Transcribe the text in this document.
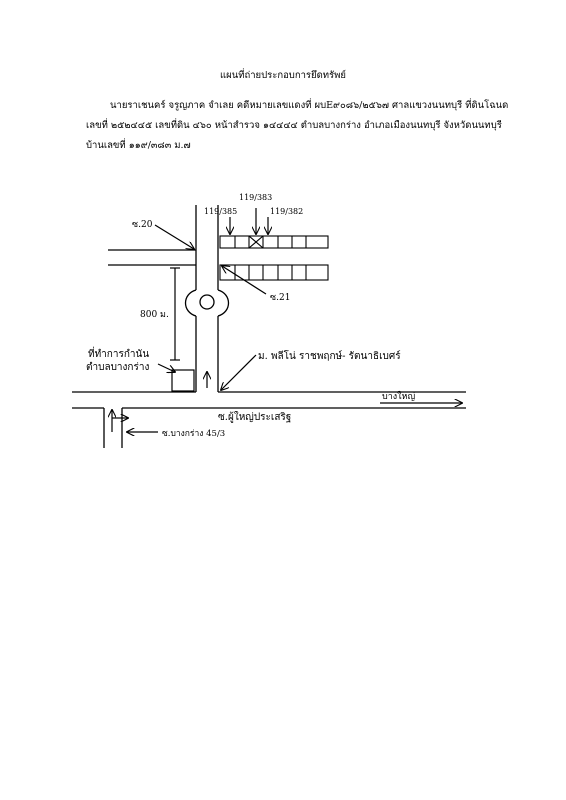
แผนที่ถ่ายประกอบการยึดทรัพย์
นายราเชนคร์ จรูญภาค จำเลย คดีหมายเลขแดงที่ ผบE๙๐๘๖/๒๕๖๗ ศาลแขวงนนทบุรี ที่ดินโฉนด
เลขที่ ๒๕๒๔๔๕ เลขที่ดิน ๔๖๐ หน้าสำรวจ ๑๔๔๔๔ ตำบลบางกร่าง อำเภอเมืองนนทบุรี จังหวัดนนทบุรี
บ้านเลขที่ ๑๑๙/๓๘๓ ม.๗
ซ.20
119/383
119/385	119/382
ซ.21
800 ม.
ที่ทำการกำนัน
ตำบลบางกร่าง
ม. พลีโน่ ราชพฤกษ์- รัตนาธิเบศร์
ซ.ผู้ใหญ่ประเสริฐ
บางใหญ่
ซ.บางกร่าง 45/3
